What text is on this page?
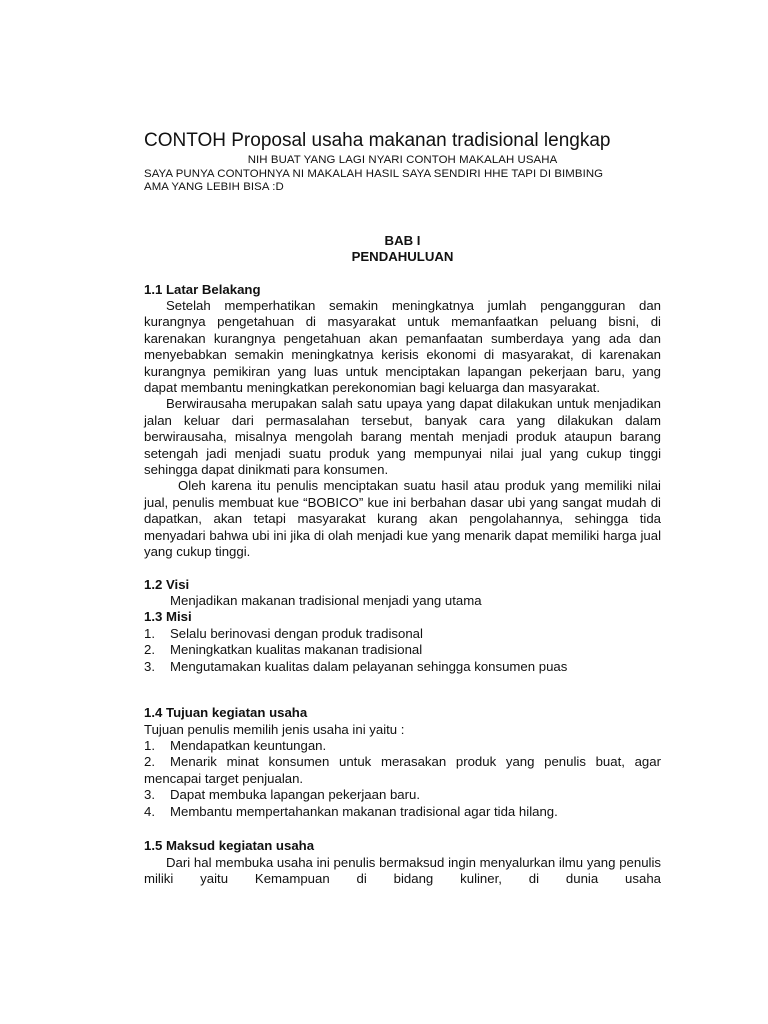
CONTOH Proposal usaha makanan tradisional lengkap
NIH BUAT YANG LAGI NYARI CONTOH MAKALAH USAHA
SAYA PUNYA CONTOHNYA NI MAKALAH HASIL SAYA SENDIRI HHE TAPI DI BIMBING
AMA YANG LEBIH BISA :D
BAB I
PENDAHULUAN
1.1 Latar Belakang

Setelah memperhatikan semakin meningkatnya jumlah pengangguran dan kurangnya pengetahuan di masyarakat untuk memanfaatkan peluang bisni, di karenakan kurangnya pengetahuan akan pemanfaatan sumberdaya yang ada dan menyebabkan semakin meningkatnya kerisis ekonomi di masyarakat, di karenakan kurangnya pemikiran yang luas untuk menciptakan lapangan pekerjaan baru, yang dapat membantu meningkatkan perekonomian bagi keluarga dan masyarakat.

Berwirausaha merupakan salah satu upaya yang dapat dilakukan untuk menjadikan jalan keluar dari permasalahan tersebut, banyak cara yang dilakukan dalam berwirausaha, misalnya mengolah barang mentah menjadi produk ataupun barang setengah jadi menjadi suatu produk yang mempunyai nilai jual yang cukup tinggi sehingga dapat dinikmati para konsumen.

Oleh karena itu penulis menciptakan suatu hasil atau produk yang memiliki nilai jual, penulis membuat kue “BOBICO” kue ini berbahan dasar ubi yang sangat mudah di dapatkan, akan tetapi masyarakat kurang akan pengolahannya, sehingga tida menyadari bahwa ubi ini jika di olah menjadi kue yang menarik dapat memiliki harga jual yang cukup tinggi.

1.2 Visi

Menjadikan makanan tradisional menjadi yang utama

1.3 Misi
1.	Selalu berinovasi dengan produk tradisonal
2.	Meningkatkan kualitas makanan tradisional
3.	Mengutamakan kualitas dalam pelayanan sehingga konsumen puas
1.4 Tujuan kegiatan usaha

Tujuan penulis memilih jenis usaha ini yaitu :

1.	Mendapatkan keuntungan.
2. Menarik minat konsumen untuk merasakan produk yang penulis buat, agar mencapai target penjualan.
3.	Dapat membuka lapangan pekerjaan baru.
4.	Membantu mempertahankan makanan tradisional agar tida hilang.
1.5 Maksud kegiatan usaha

Dari hal membuka usaha ini penulis bermaksud ingin menyalurkan ilmu yang penulis miliki yaitu Kemampuan di bidang kuliner, di dunia usaha
